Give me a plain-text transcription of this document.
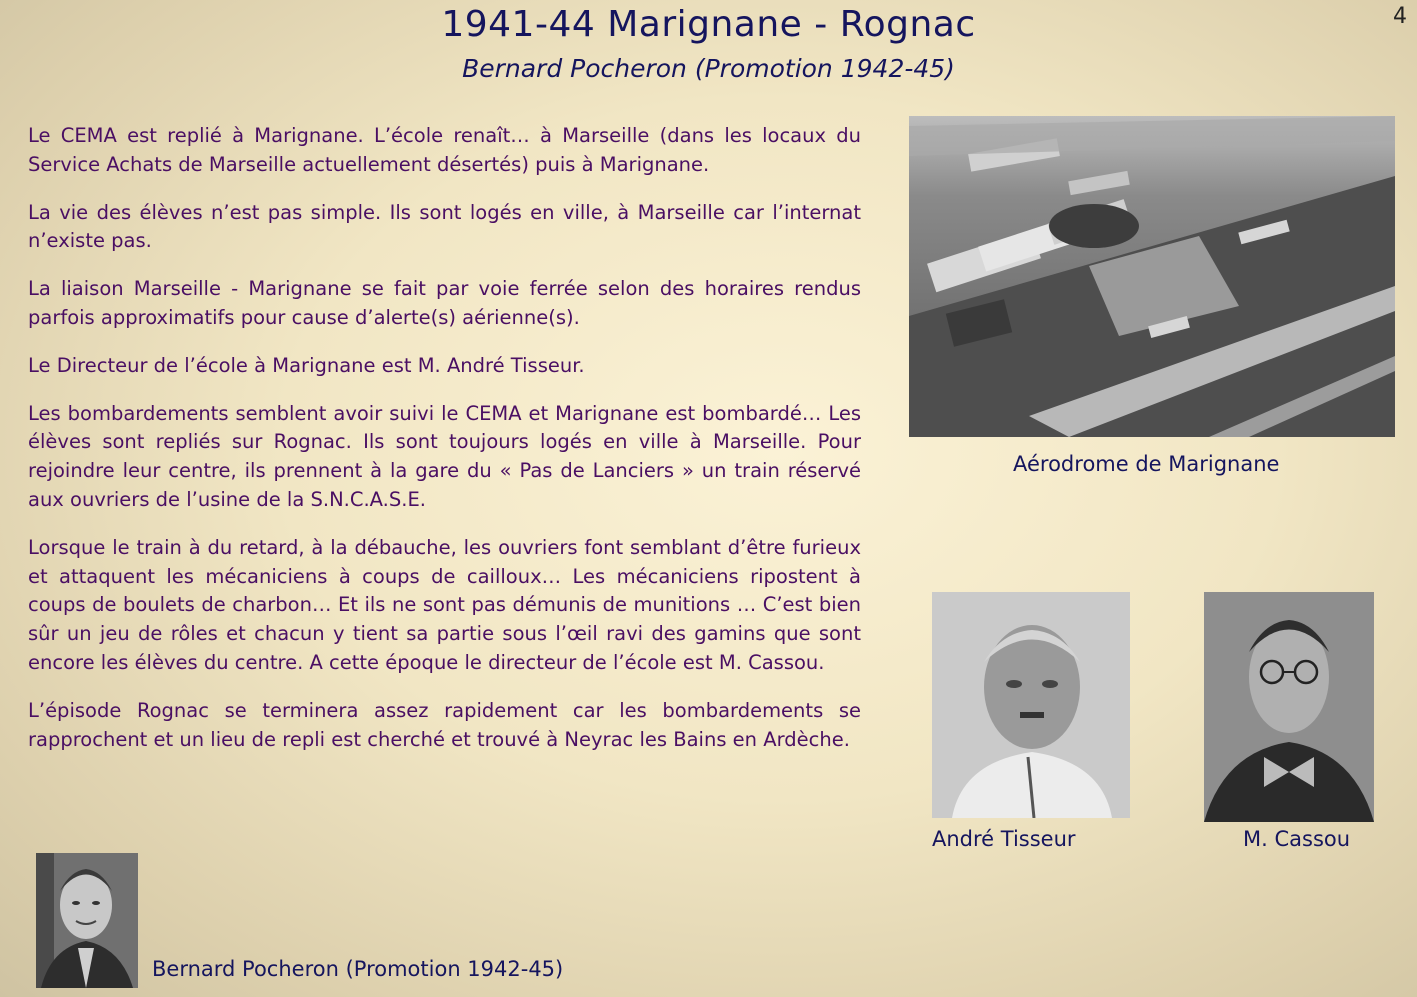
1941-44 Marignane - Rognac
Bernard Pocheron (Promotion 1942-45)
4

Le CEMA est replié à Marignane. L’école renaît… à Marseille (dans les locaux du Service Achats de Marseille actuellement désertés) puis à Marignane.

La vie des élèves n’est pas simple. Ils sont logés en ville, à Marseille car l’internat n’existe pas.

La liaison Marseille - Marignane se fait par voie ferrée selon des horaires rendus parfois approximatifs pour cause d’alerte(s) aérienne(s).

Le Directeur de l’école à Marignane est M. André Tisseur.

Les bombardements semblent avoir suivi le CEMA et Marignane est bombardé… Les élèves sont repliés sur Rognac. Ils sont toujours logés en ville à Marseille. Pour rejoindre leur centre, ils prennent à la gare du « Pas de Lanciers » un train réservé aux ouvriers de l’usine de la S.N.C.A.S.E.

Lorsque le train à du retard, à la débauche, les ouvriers font semblant d’être furieux et attaquent les mécaniciens à coups de cailloux… Les mécaniciens ripostent à coups de boulets de charbon… Et ils ne sont pas démunis de munitions … C’est bien sûr un jeu de rôles et chacun y tient sa partie sous l’œil ravi des gamins que sont encore les élèves du centre. A cette époque le directeur de l’école est M. Cassou.

L’épisode Rognac se terminera assez rapidement car les bombardements se rapprochent et un lieu de repli est cherché et trouvé à Neyrac les Bains en Ardèche.

Aérodrome de Marignane
André Tisseur	M. Cassou
Bernard Pocheron (Promotion 1942-45)
